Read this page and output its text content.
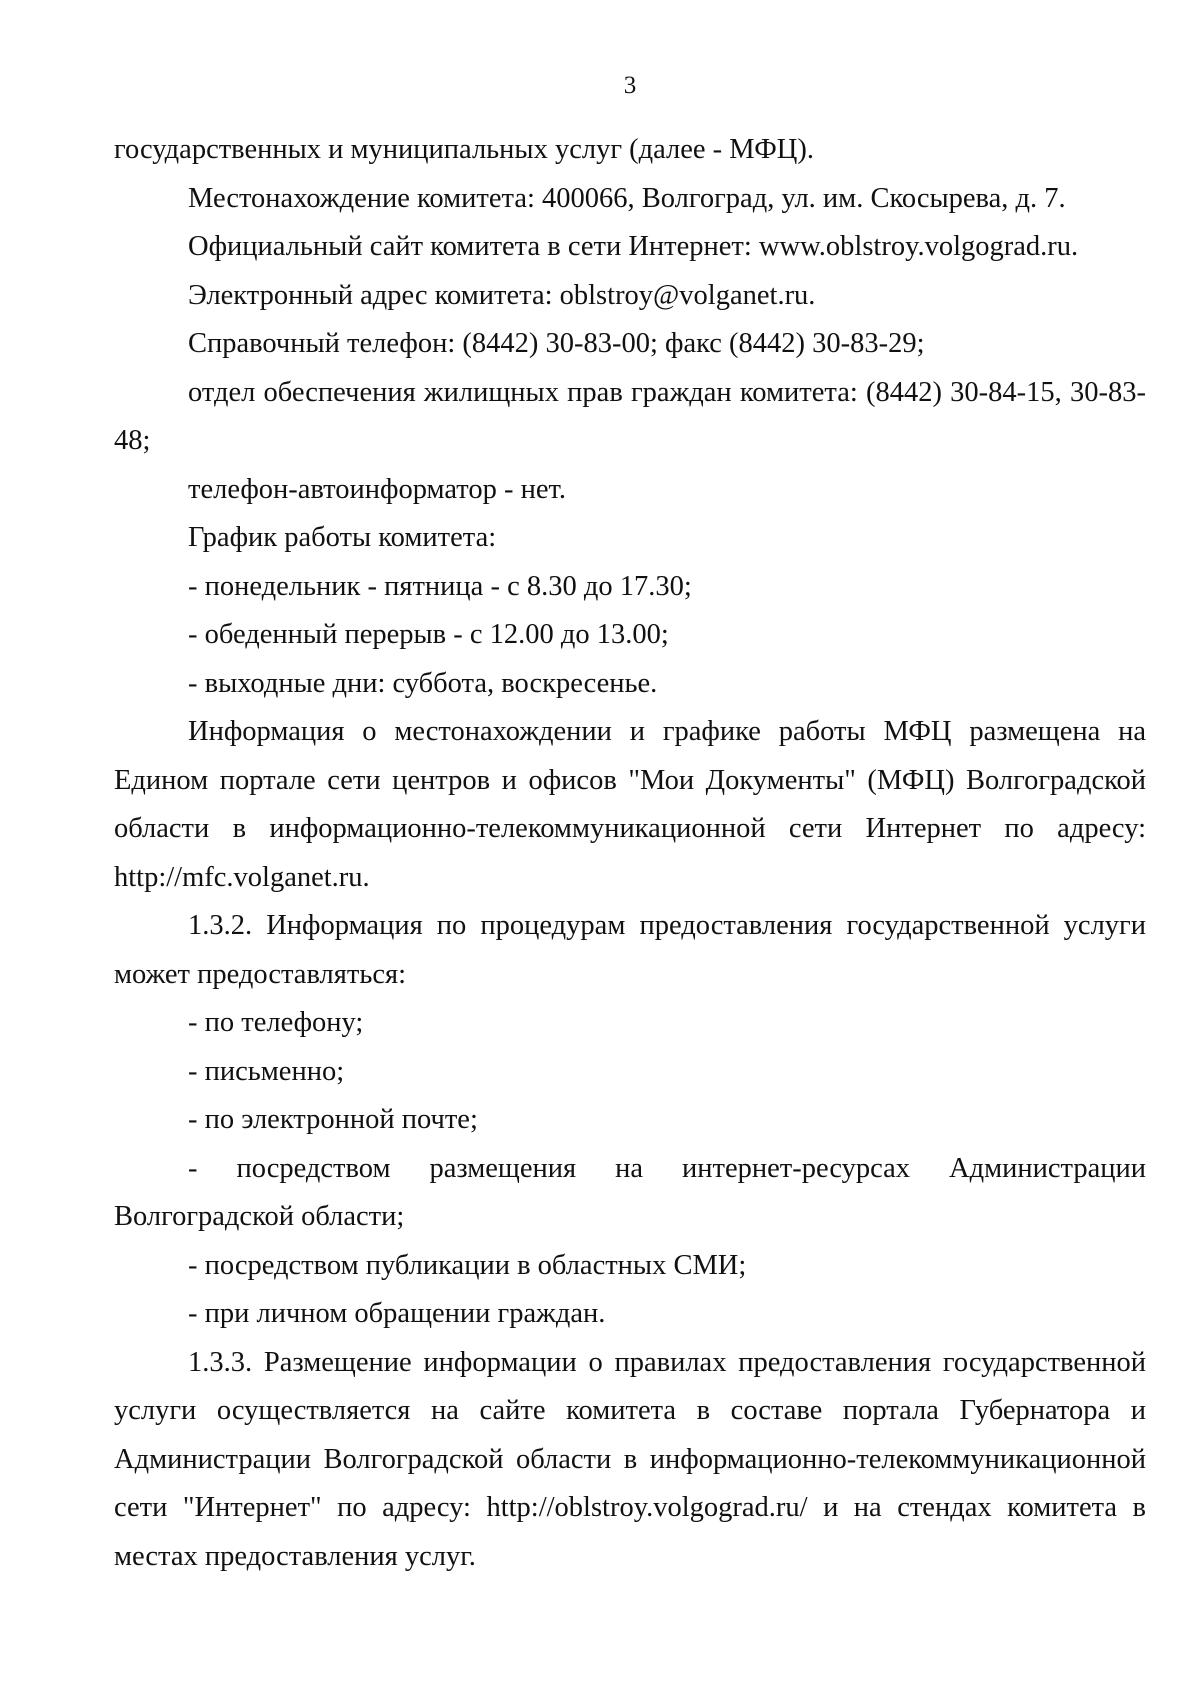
3

государственных и муниципальных услуг (далее - МФЦ).

Местонахождение комитета: 400066, Волгоград, ул. им. Скосырева, д. 7.

Официальный сайт комитета в сети Интернет: www.oblstroy.volgograd.ru.

Электронный адрес комитета: oblstroy@volganet.ru.

Справочный телефон: (8442) 30-83-00; факс (8442) 30-83-29;

отдел обеспечения жилищных прав граждан комитета: (8442) 30-84-15, 30-83-48;

телефон-автоинформатор - нет.

График работы комитета:

- понедельник - пятница - с 8.30 до 17.30;

- обеденный перерыв - с 12.00 до 13.00;

- выходные дни: суббота, воскресенье.

Информация о местонахождении и графике работы МФЦ размещена на Едином портале сети центров и офисов "Мои Документы" (МФЦ) Волгоградской области в информационно-телекоммуникационной сети Интернет по адресу: http://mfc.volganet.ru.

1.3.2. Информация по процедурам предоставления государственной услуги может предоставляться:

- по телефону;

- письменно;

- по электронной почте;

- посредством размещения на интернет-ресурсах Администрации Волгоградской области;

- посредством публикации в областных СМИ;

- при личном обращении граждан.

1.3.3. Размещение информации о правилах предоставления государственной услуги осуществляется на сайте комитета в составе портала Губернатора и Администрации Волгоградской области в информационно-телекоммуникационной сети "Интернет" по адресу: http://oblstroy.volgograd.ru/ и на стендах комитета в местах предоставления услуг.
